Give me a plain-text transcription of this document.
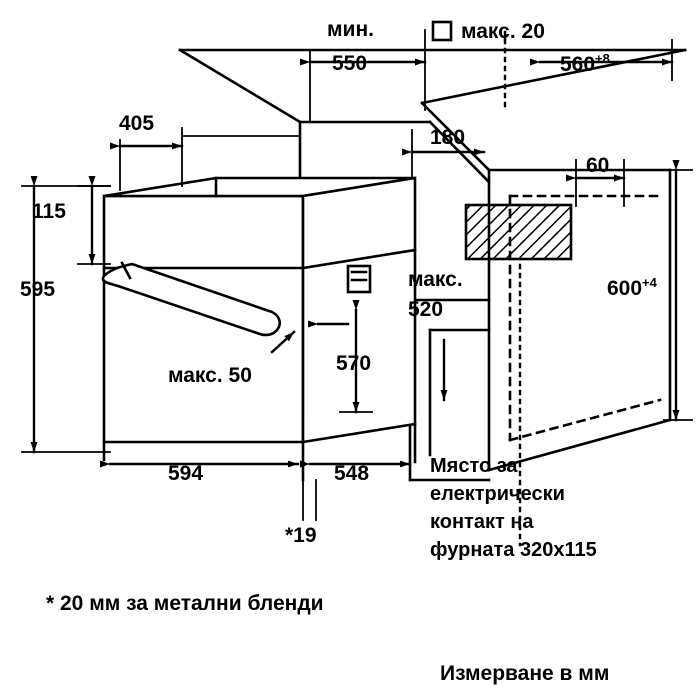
мин.
550
макс. 20
$560^{+8}$
405
180
60
115
595
570
$600^{+4}$
макс.
520
макс. 50
594	548
*19
Място за
електрически
контакт на
фурната 320x115
* 20 мм за метални бленди
Измерване в мм
